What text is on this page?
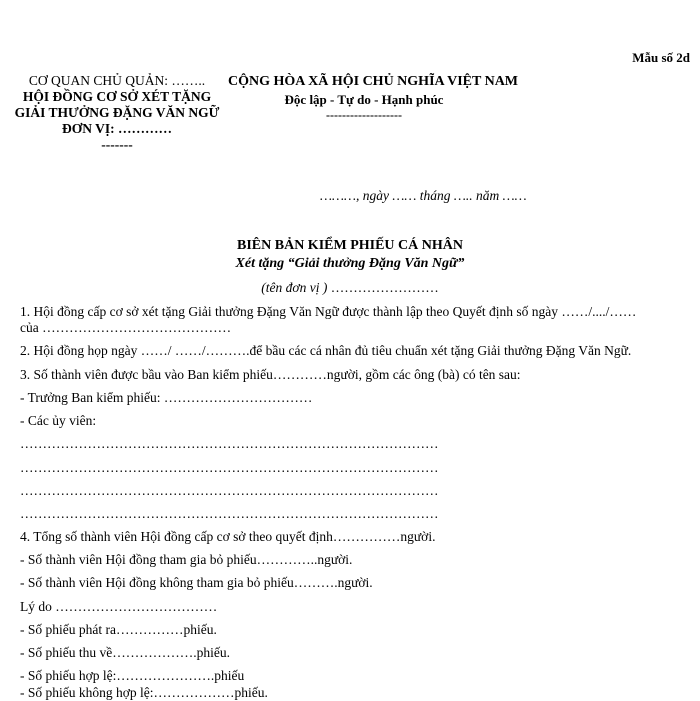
Mẫu số 2d
CƠ QUAN CHỦ QUẢN: ……..
HỘI ĐỒNG CƠ SỞ XÉT TẶNG GIẢI THƯỞNG ĐẶNG VĂN NGỮ
ĐƠN VỊ: …………
-------
CỘNG HÒA XÃ HỘI CHỦ NGHĨA VIỆT NAM
Độc lập - Tự do - Hạnh phúc
-------------------
………, ngày …… tháng ….. năm ……
BIÊN BẢN KIỂM PHIẾU CÁ NHÂN
Xét tặng “Giải thưởng Đặng Văn Ngữ”
(tên đơn vị ) ……………………
1. Hội đồng cấp cơ sở xét tặng Giải thưởng Đặng Văn Ngữ được thành lập theo Quyết định số ngày ……/..../……
của ……………………………………
2. Hội đồng họp ngày ……/ ……/……….để bầu các cá nhân đủ tiêu chuẩn xét tặng Giải thưởng Đặng Văn Ngữ.
3. Số thành viên được bầu vào Ban kiểm phiếu…………người, gồm các ông (bà) có tên sau:
- Trưởng Ban kiểm phiếu: ……………………………
- Các ủy viên:
…………………………………………………………………………………
…………………………………………………………………………………
…………………………………………………………………………………
…………………………………………………………………………………
4. Tổng số thành viên Hội đồng cấp cơ sở theo quyết định……………người.
- Số thành viên Hội đồng tham gia bỏ phiếu…………..người.
- Số thành viên Hội đồng không tham gia bỏ phiếu……….người.
Lý do ………………………………
- Số phiếu phát ra……………phiếu.
- Số phiếu thu về……………….phiếu.
- Số phiếu hợp lệ:………………….phiếu
- Số phiếu không hợp lệ:………………phiếu.
